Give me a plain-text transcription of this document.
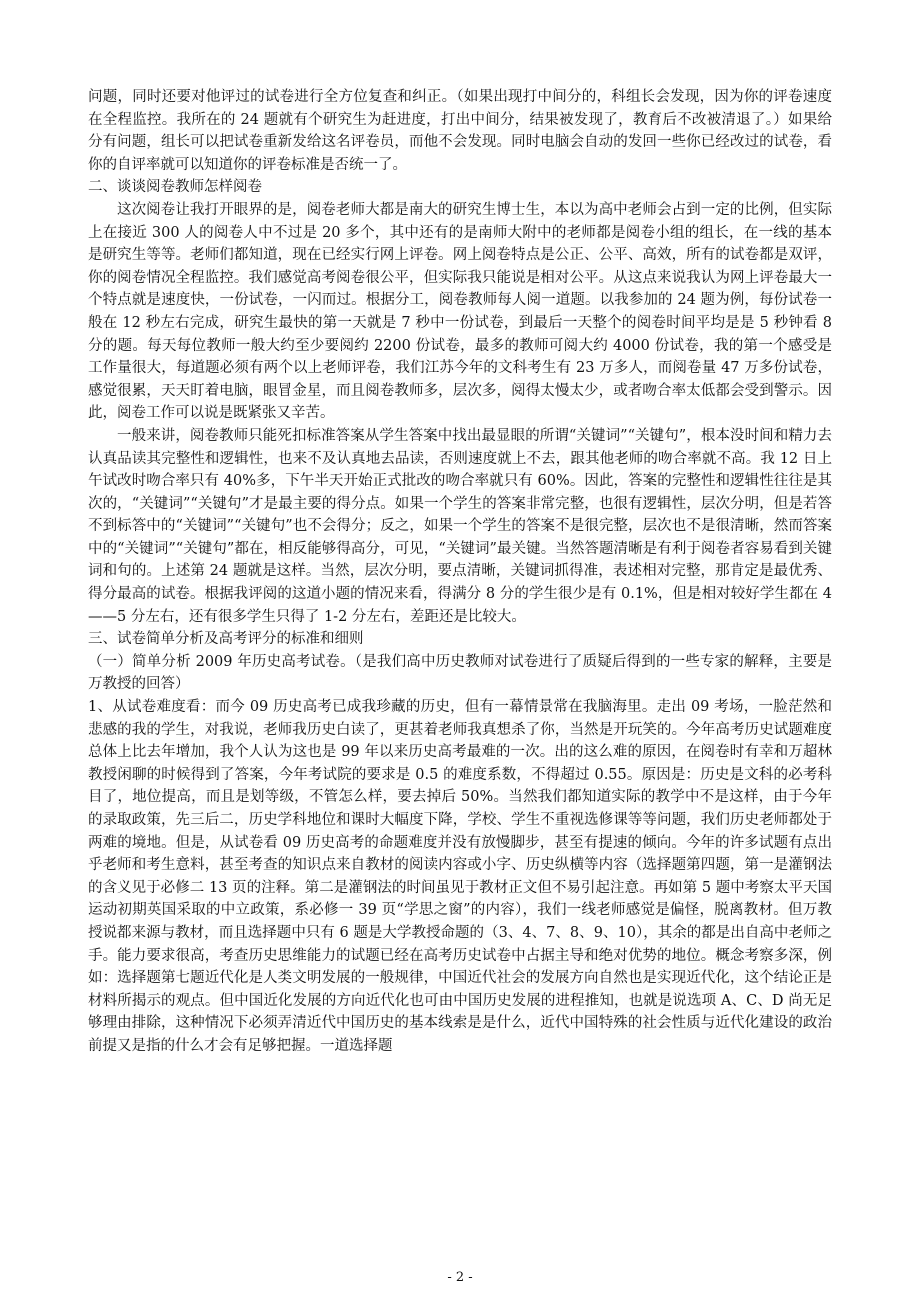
问题，同时还要对他评过的试卷进行全方位复查和纠正。（如果出现打中间分的，科组长会发现，因为你的评卷速度在全程监控。我所在的 24 题就有个研究生为赶进度，打出中间分，结果被发现了，教育后不改被清退了。）如果给分有问题，组长可以把试卷重新发给这名评卷员，而他不会发现。同时电脑会自动的发回一些你已经改过的试卷，看你的自评率就可以知道你的评卷标准是否统一了。

二、谈谈阅卷教师怎样阅卷

这次阅卷让我打开眼界的是，阅卷老师大都是南大的研究生博士生，本以为高中老师会占到一定的比例，但实际上在接近 300 人的阅卷人中不过是 20 多个，其中还有的是南师大附中的老师都是阅卷小组的组长，在一线的基本是研究生等等。老师们都知道，现在已经实行网上评卷。网上阅卷特点是公正、公平、高效，所有的试卷都是双评，你的阅卷情况全程监控。我们感觉高考阅卷很公平，但实际我只能说是相对公平。从这点来说我认为网上评卷最大一个特点就是速度快，一份试卷，一闪而过。根据分工，阅卷教师每人阅一道题。以我参加的 24 题为例，每份试卷一般在 12 秒左右完成，研究生最快的第一天就是 7 秒中一份试卷，到最后一天整个的阅卷时间平均是是 5 秒钟看 8 分的题。每天每位教师一般大约至少要阅约 2200 份试卷，最多的教师可阅大约 4000 份试卷，我的第一个感受是工作量很大，每道题必须有两个以上老师评卷，我们江苏今年的文科考生有 23 万多人，而阅卷量 47 万多份试卷，感觉很累，天天盯着电脑，眼冒金星，而且阅卷教师多，层次多，阅得太慢太少，或者吻合率太低都会受到警示。因此，阅卷工作可以说是既紧张又辛苦。

一般来讲，阅卷教师只能死扣标准答案从学生答案中找出最显眼的所谓“关键词”“关键句”，根本没时间和精力去认真品读其完整性和逻辑性，也来不及认真地去品读，否则速度就上不去，跟其他老师的吻合率就不高。我 12 日上午试改时吻合率只有 40%多，下午半天开始正式批改的吻合率就只有 60%。因此，答案的完整性和逻辑性往往是其次的，“关键词”“关键句”才是最主要的得分点。如果一个学生的答案非常完整，也很有逻辑性，层次分明，但是若答不到标答中的“关键词”“关键句”也不会得分；反之，如果一个学生的答案不是很完整，层次也不是很清晰，然而答案中的“关键词”“关键句”都在，相反能够得高分，可见，“关键词”最关键。当然答题清晰是有利于阅卷者容易看到关键词和句的。上述第 24 题就是这样。当然，层次分明，要点清晰，关键词抓得准，表述相对完整，那肯定是最优秀、得分最高的试卷。根据我评阅的这道小题的情况来看，得满分 8 分的学生很少是有 0.1%，但是相对较好学生都在 4——5 分左右，还有很多学生只得了 1-2 分左右，差距还是比较大。

三、试卷简单分析及高考评分的标准和细则

（一）简单分析 2009 年历史高考试卷。（是我们高中历史教师对试卷进行了质疑后得到的一些专家的解释，主要是万教授的回答）

1、从试卷难度看：而今 09 历史高考已成我珍藏的历史，但有一幕情景常在我脑海里。走出 09 考场，一脸茫然和悲感的我的学生，对我说，老师我历史白读了，更甚着老师我真想杀了你，当然是开玩笑的。今年高考历史试题难度总体上比去年增加，我个人认为这也是 99 年以来历史高考最难的一次。出的这么难的原因，在阅卷时有幸和万超林教授闲聊的时候得到了答案，今年考试院的要求是 0.5 的难度系数，不得超过 0.55。原因是：历史是文科的必考科目了，地位提高，而且是划等级，不管怎么样，要去掉后 50%。当然我们都知道实际的教学中不是这样，由于今年的录取政策，先三后二，历史学科地位和课时大幅度下降，学校、学生不重视选修课等等问题，我们历史老师都处于两难的境地。但是，从试卷看 09 历史高考的命题难度并没有放慢脚步，甚至有提速的倾向。今年的许多试题有点出乎老师和考生意料，甚至考查的知识点来自教材的阅读内容或小字、历史纵横等内容（选择题第四题，第一是灌钢法的含义见于必修二 13 页的注释。第二是灌钢法的时间虽见于教材正文但不易引起注意。再如第 5 题中考察太平天国运动初期英国采取的中立政策，系必修一 39 页“学思之窗”的内容），我们一线老师感觉是偏怪，脱离教材。但万教授说都来源与教材，而且选择题中只有 6 题是大学教授命题的（3、4、7、8、9、10），其余的都是出自高中老师之手。能力要求很高，考查历史思维能力的试题已经在高考历史试卷中占据主导和绝对优势的地位。概念考察多深，例如：选择题第七题近代化是人类文明发展的一般规律，中国近代社会的发展方向自然也是实现近代化，这个结论正是材料所揭示的观点。但中国近化发展的方向近代化也可由中国历史发展的进程推知，也就是说选项 A、C、D 尚无足够理由排除，这种情况下必须弄清近代中国历史的基本线索是是什么，近代中国特殊的社会性质与近代化建设的政治前提又是指的什么才会有足够把握。一道选择题

- 2 -
